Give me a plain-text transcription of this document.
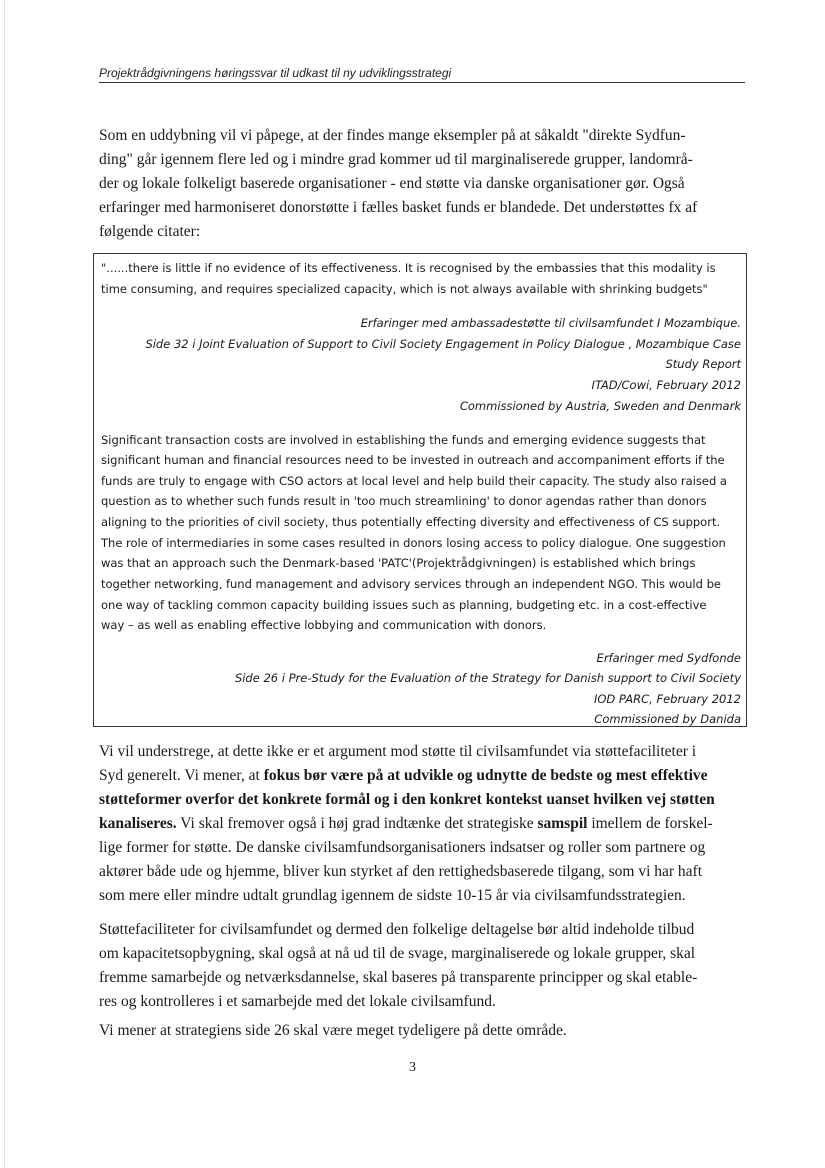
Projektrådgivningens høringssvar til udkast til ny udviklingsstrategi
Som en uddybning vil vi påpege, at der findes mange eksempler på at såkaldt "direkte Sydfun-
ding" går igennem flere led og i mindre grad kommer ud til marginaliserede grupper, landområ-
der og lokale folkeligt baserede organisationer - end støtte via danske organisationer gør. Også
erfaringer med harmoniseret donorstøtte i fælles basket funds er blandede. Det understøttes fx af
følgende citater:
"......there is little if no evidence of its effectiveness. It is recognised by the embassies that this modality is
time consuming, and requires specialized capacity, which is not always available with shrinking budgets"
Erfaringer med ambassadestøtte til civilsamfundet I Mozambique.
Side 32 i Joint Evaluation of Support to Civil Society Engagement in Policy Dialogue , Mozambique Case
Study Report
ITAD/Cowi, February 2012
Commissioned by Austria, Sweden and Denmark
Significant transaction costs are involved in establishing the funds and emerging evidence suggests that
significant human and financial resources need to be invested in outreach and accompaniment efforts if the
funds are truly to engage with CSO actors at local level and help build their capacity. The study also raised a
question as to whether such funds result in 'too much streamlining' to donor agendas rather than donors
aligning to the priorities of civil society, thus potentially effecting diversity and effectiveness of CS support.
The role of intermediaries in some cases resulted in donors losing access to policy dialogue. One suggestion
was that an approach such the Denmark-based 'PATC'(Projektrådgivningen) is established which brings
together networking, fund management and advisory services through an independent NGO. This would be
one way of tackling common capacity building issues such as planning, budgeting etc. in a cost-effective
way – as well as enabling effective lobbying and communication with donors.
Erfaringer med Sydfonde
Side 26 i Pre-Study for the Evaluation of the Strategy for Danish support to Civil Society
IOD PARC, February 2012
Commissioned by Danida
Vi vil understrege, at dette ikke er et argument mod støtte til civilsamfundet via støttefaciliteter i
Syd generelt. Vi mener, at fokus bør være på at udvikle og udnytte de bedste og mest effektive
støtteformer overfor det konkrete formål og i den konkret kontekst uanset hvilken vej støtten
kanaliseres. Vi skal fremover også i høj grad indtænke det strategiske samspil imellem de forskel-
lige former for støtte. De danske civilsamfundsorganisationers indsatser og roller som partnere og
aktører både ude og hjemme, bliver kun styrket af den rettighedsbaserede tilgang, som vi har haft
som mere eller mindre udtalt grundlag igennem de sidste 10-15 år via civilsamfundsstrategien.
Støttefaciliteter for civilsamfundet og dermed den folkelige deltagelse bør altid indeholde tilbud
om kapacitetsopbygning, skal også at nå ud til de svage, marginaliserede og lokale grupper, skal
fremme samarbejde og netværksdannelse, skal baseres på transparente principper og skal etable-
res og kontrolleres i et samarbejde med det lokale civilsamfund.
Vi mener at strategiens side 26 skal være meget tydeligere på dette område.
3
